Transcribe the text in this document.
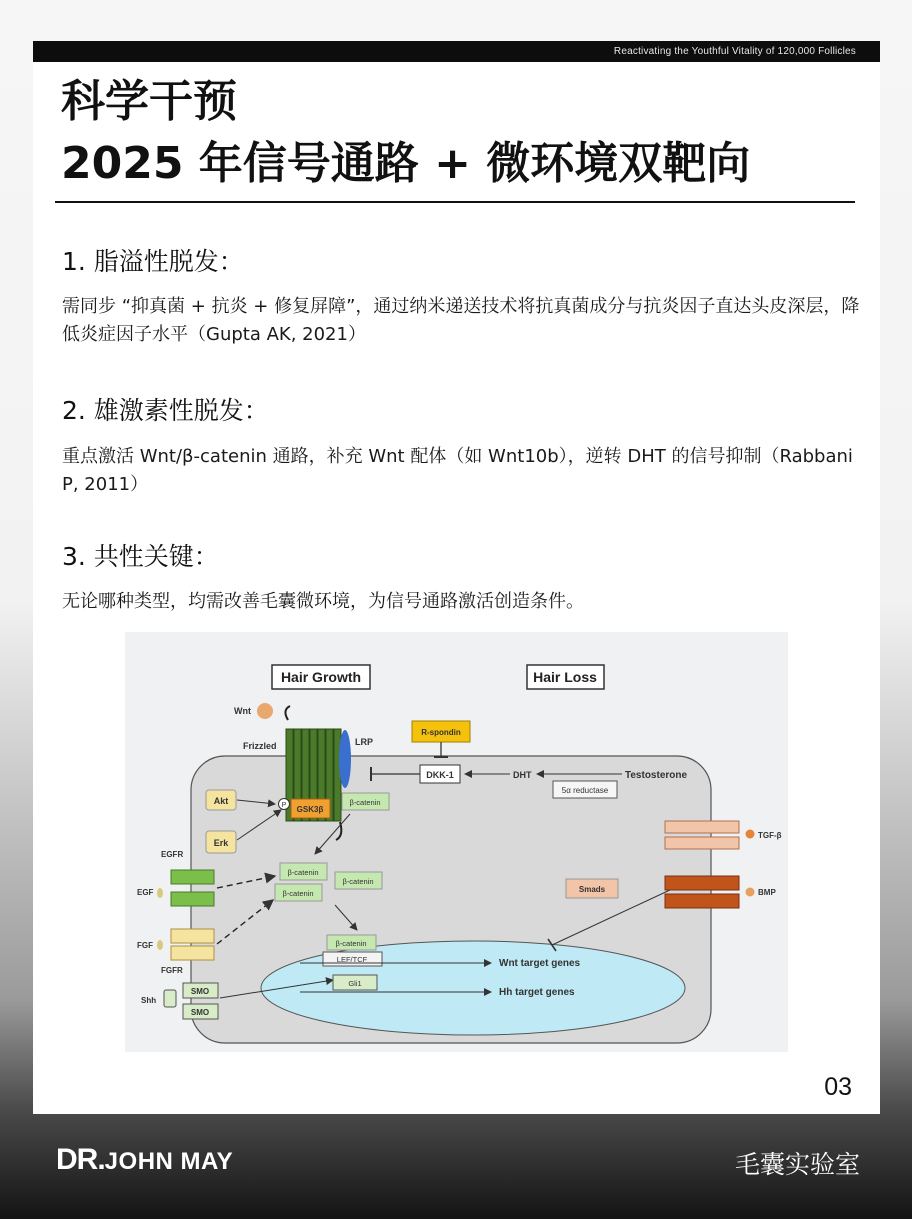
Reactivating the Youthful Vitality of 120,000 Follicles
科学干预
2025 年信号通路 + 微环境双靶向
1. 脂溢性脱发：
需同步 “抑真菌 + 抗炎 + 修复屏障”，通过纳米递送技术将抗真菌成分与抗炎因子直达头皮深层，降低炎症因子水平（Gupta AK, 2021）
2. 雄激素性脱发：
重点激活 Wnt/β-catenin 通路，补充 Wnt 配体（如 Wnt10b），逆转 DHT 的信号抑制（Rabbani P, 2011）
3. 共性关键：
无论哪种类型，均需改善毛囊微环境，为信号通路激活创造条件。
Hair Growth	Hair Loss
Wnt
Frizzled	LRP
R-spondin
DKK-1	DHT	Testosterone
5α reductase
Akt
Erk
P GSK3β
β-catenin
β-catenin
β-catenin
β-catenin
EGFR
EGF
FGF
FGFR
Shh
SMO
SMO
β-catenin
LEF/TCF	Wnt target genes
Gli1
Hh target genes
Smads
TGF-β
BMP
03
DR.JOHN MAY	毛囊实验室
